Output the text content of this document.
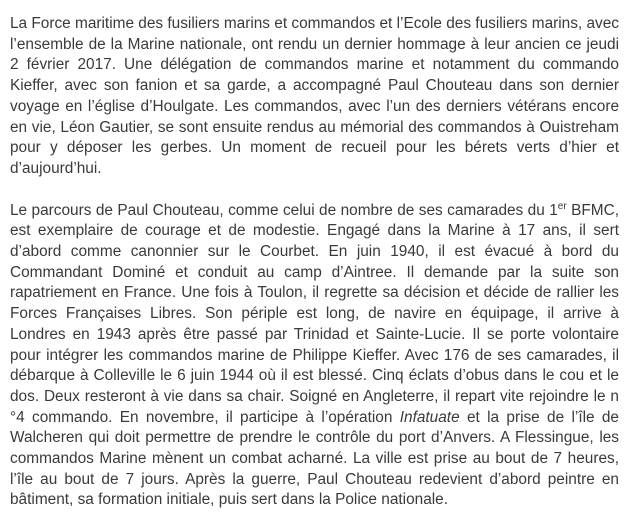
La Force maritime des fusiliers marins et commandos et l’Ecole des fusiliers marins, avec l’ensemble de la Marine nationale, ont rendu un dernier hommage à leur ancien ce jeudi 2 février 2017. Une délégation de commandos marine et notamment du commando Kieffer, avec son fanion et sa garde, a accompagné Paul Chouteau dans son dernier voyage en l’église d’Houlgate. Les commandos, avec l’un des derniers vétérans encore en vie, Léon Gautier, se sont ensuite rendus au mémorial des commandos à Ouistreham pour y déposer les gerbes. Un moment de recueil pour les bérets verts d’hier et d’aujourd’hui.

Le parcours de Paul Chouteau, comme celui de nombre de ses camarades du 1er BFMC, est exemplaire de courage et de modestie. Engagé dans la Marine à 17 ans, il sert d’abord comme canonnier sur le Courbet. En juin 1940, il est évacué à bord du Commandant Dominé et conduit au camp d’Aintree. Il demande par la suite son rapatriement en France. Une fois à Toulon, il regrette sa décision et décide de rallier les Forces Françaises Libres. Son périple est long, de navire en équipage, il arrive à Londres en 1943 après être passé par Trinidad et Sainte-Lucie. Il se porte volontaire pour intégrer les commandos marine de Philippe Kieffer. Avec 176 de ses camarades, il débarque à Colleville le 6 juin 1944 où il est blessé. Cinq éclats d’obus dans le cou et le dos. Deux resteront à vie dans sa chair. Soigné en Angleterre, il repart vite rejoindre le n °4 commando. En novembre, il participe à l’opération Infatuate et la prise de l’île de Walcheren qui doit permettre de prendre le contrôle du port d’Anvers. A Flessingue, les commandos Marine mènent un combat acharné. La ville est prise au bout de 7 heures, l’île au bout de 7 jours. Après la guerre, Paul Chouteau redevient d’abord peintre en bâtiment, sa formation initiale, puis sert dans la Police nationale.
